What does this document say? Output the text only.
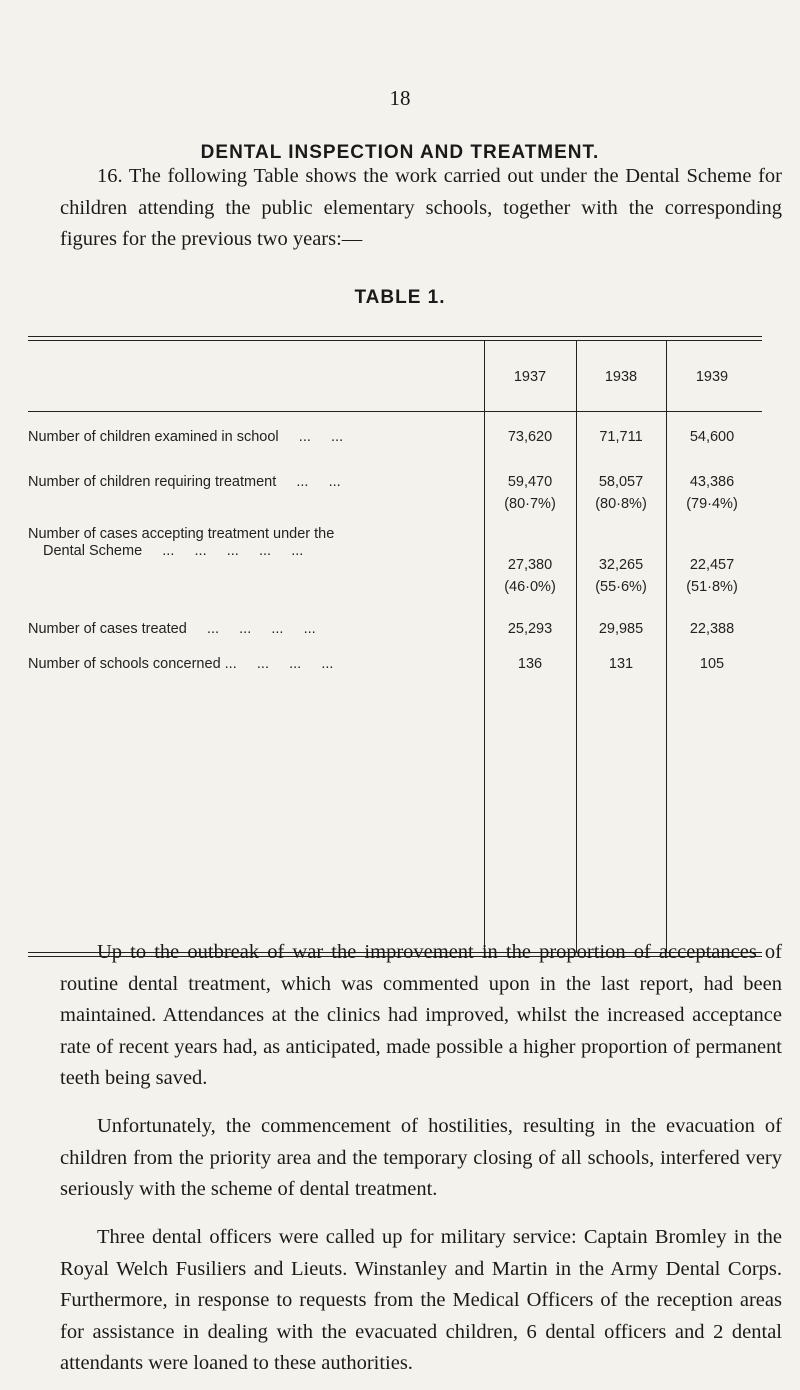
18
DENTAL INSPECTION AND TREATMENT.

16. The following Table shows the work carried out under the Dental Scheme for children attending the public elementary schools, together with the corresponding figures for the previous two years:—

TABLE 1.
1937	1938	1939
Number of children examined in school     ...     ...	73,620	71,711	54,600
Number of children requiring treatment     ...     ...	59,470	58,057	43,386
(80·7%)	(80·8%)	(79·4%)
Number of cases accepting treatment under the
Dental Scheme     ...     ...     ...     ...     ...
27,380	32,265	22,457
(46·0%)	(55·6%)	(51·8%)
Number of cases treated     ...     ...     ...     ...	25,293	29,985	22,388
Number of schools concerned ...     ...     ...     ...	136	131	105

Up to the outbreak of war the improvement in the proportion of acceptances of routine dental treatment, which was commented upon in the last report, had been maintained. Attendances at the clinics had improved, whilst the increased acceptance rate of recent years had, as anticipated, made possible a higher proportion of permanent teeth being saved.

Unfortunately, the commencement of hostilities, resulting in the evacuation of children from the priority area and the temporary closing of all schools, interfered very seriously with the scheme of dental treatment.

Three dental officers were called up for military service: Captain Bromley in the Royal Welch Fusiliers and Lieuts. Winstanley and Martin in the Army Dental Corps. Furthermore, in response to requests from the Medical Officers of the reception areas for assistance in dealing with the evacuated children, 6 dental officers and 2 dental attendants were loaned to these authorities.
